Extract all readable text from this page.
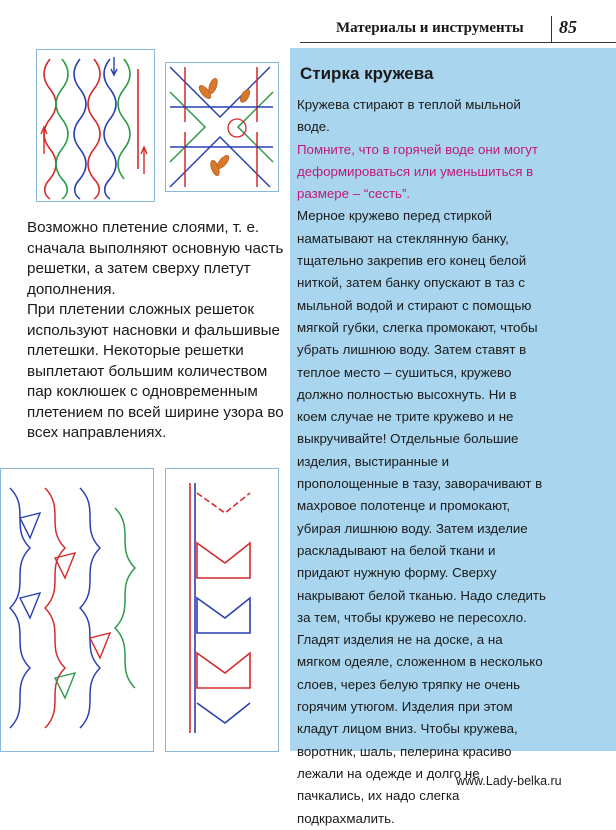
Материалы и инструменты 85

Возможно плетение слоями, т. е. сначала выполняют основную часть решетки, а затем сверху плетут дополнения.

При плетении сложных решеток используют насновки и фальшивые плетешки. Некоторые решетки выплетают большим количеством пар коклюшек с одновременным плетением по всей ширине узора во всех направлениях.

Стирка кружева

Кружева стирают в теплой мыльной воде.

Помните, что в горячей воде они могут деформироваться или уменьшиться в размере – “сесть”.

Мерное кружево перед стиркой наматывают на стеклянную банку, тщательно закрепив его конец белой ниткой, затем банку опускают в таз с мыльной водой и стирают с помощью мягкой губки, слегка промокают, чтобы убрать лишнюю воду. Затем ставят в теплое место – сушиться, кружево должно полностью высохнуть. Ни в коем случае не трите кружево и не выкручивайте! Отдельные большие изделия, выстиранные и прополощенные в тазу, заворачивают в махровое полотенце и промокают, убирая лишнюю воду. Затем изделие раскладывают на белой ткани и придают нужную форму. Сверху накрывают белой тканью. Надо следить за тем, чтобы кружево не пересохло. Гладят изделия не на доске, а на мягком одеяле, сложенном в несколько слоев, через белую тряпку не очень горячим утюгом. Изделия при этом кладут лицом вниз. Чтобы кружева, воротник, шаль, пелерина красиво лежали на одежде и долго не пачкались, их надо слегка подкрахмалить.

www.Lady-belka.ru
